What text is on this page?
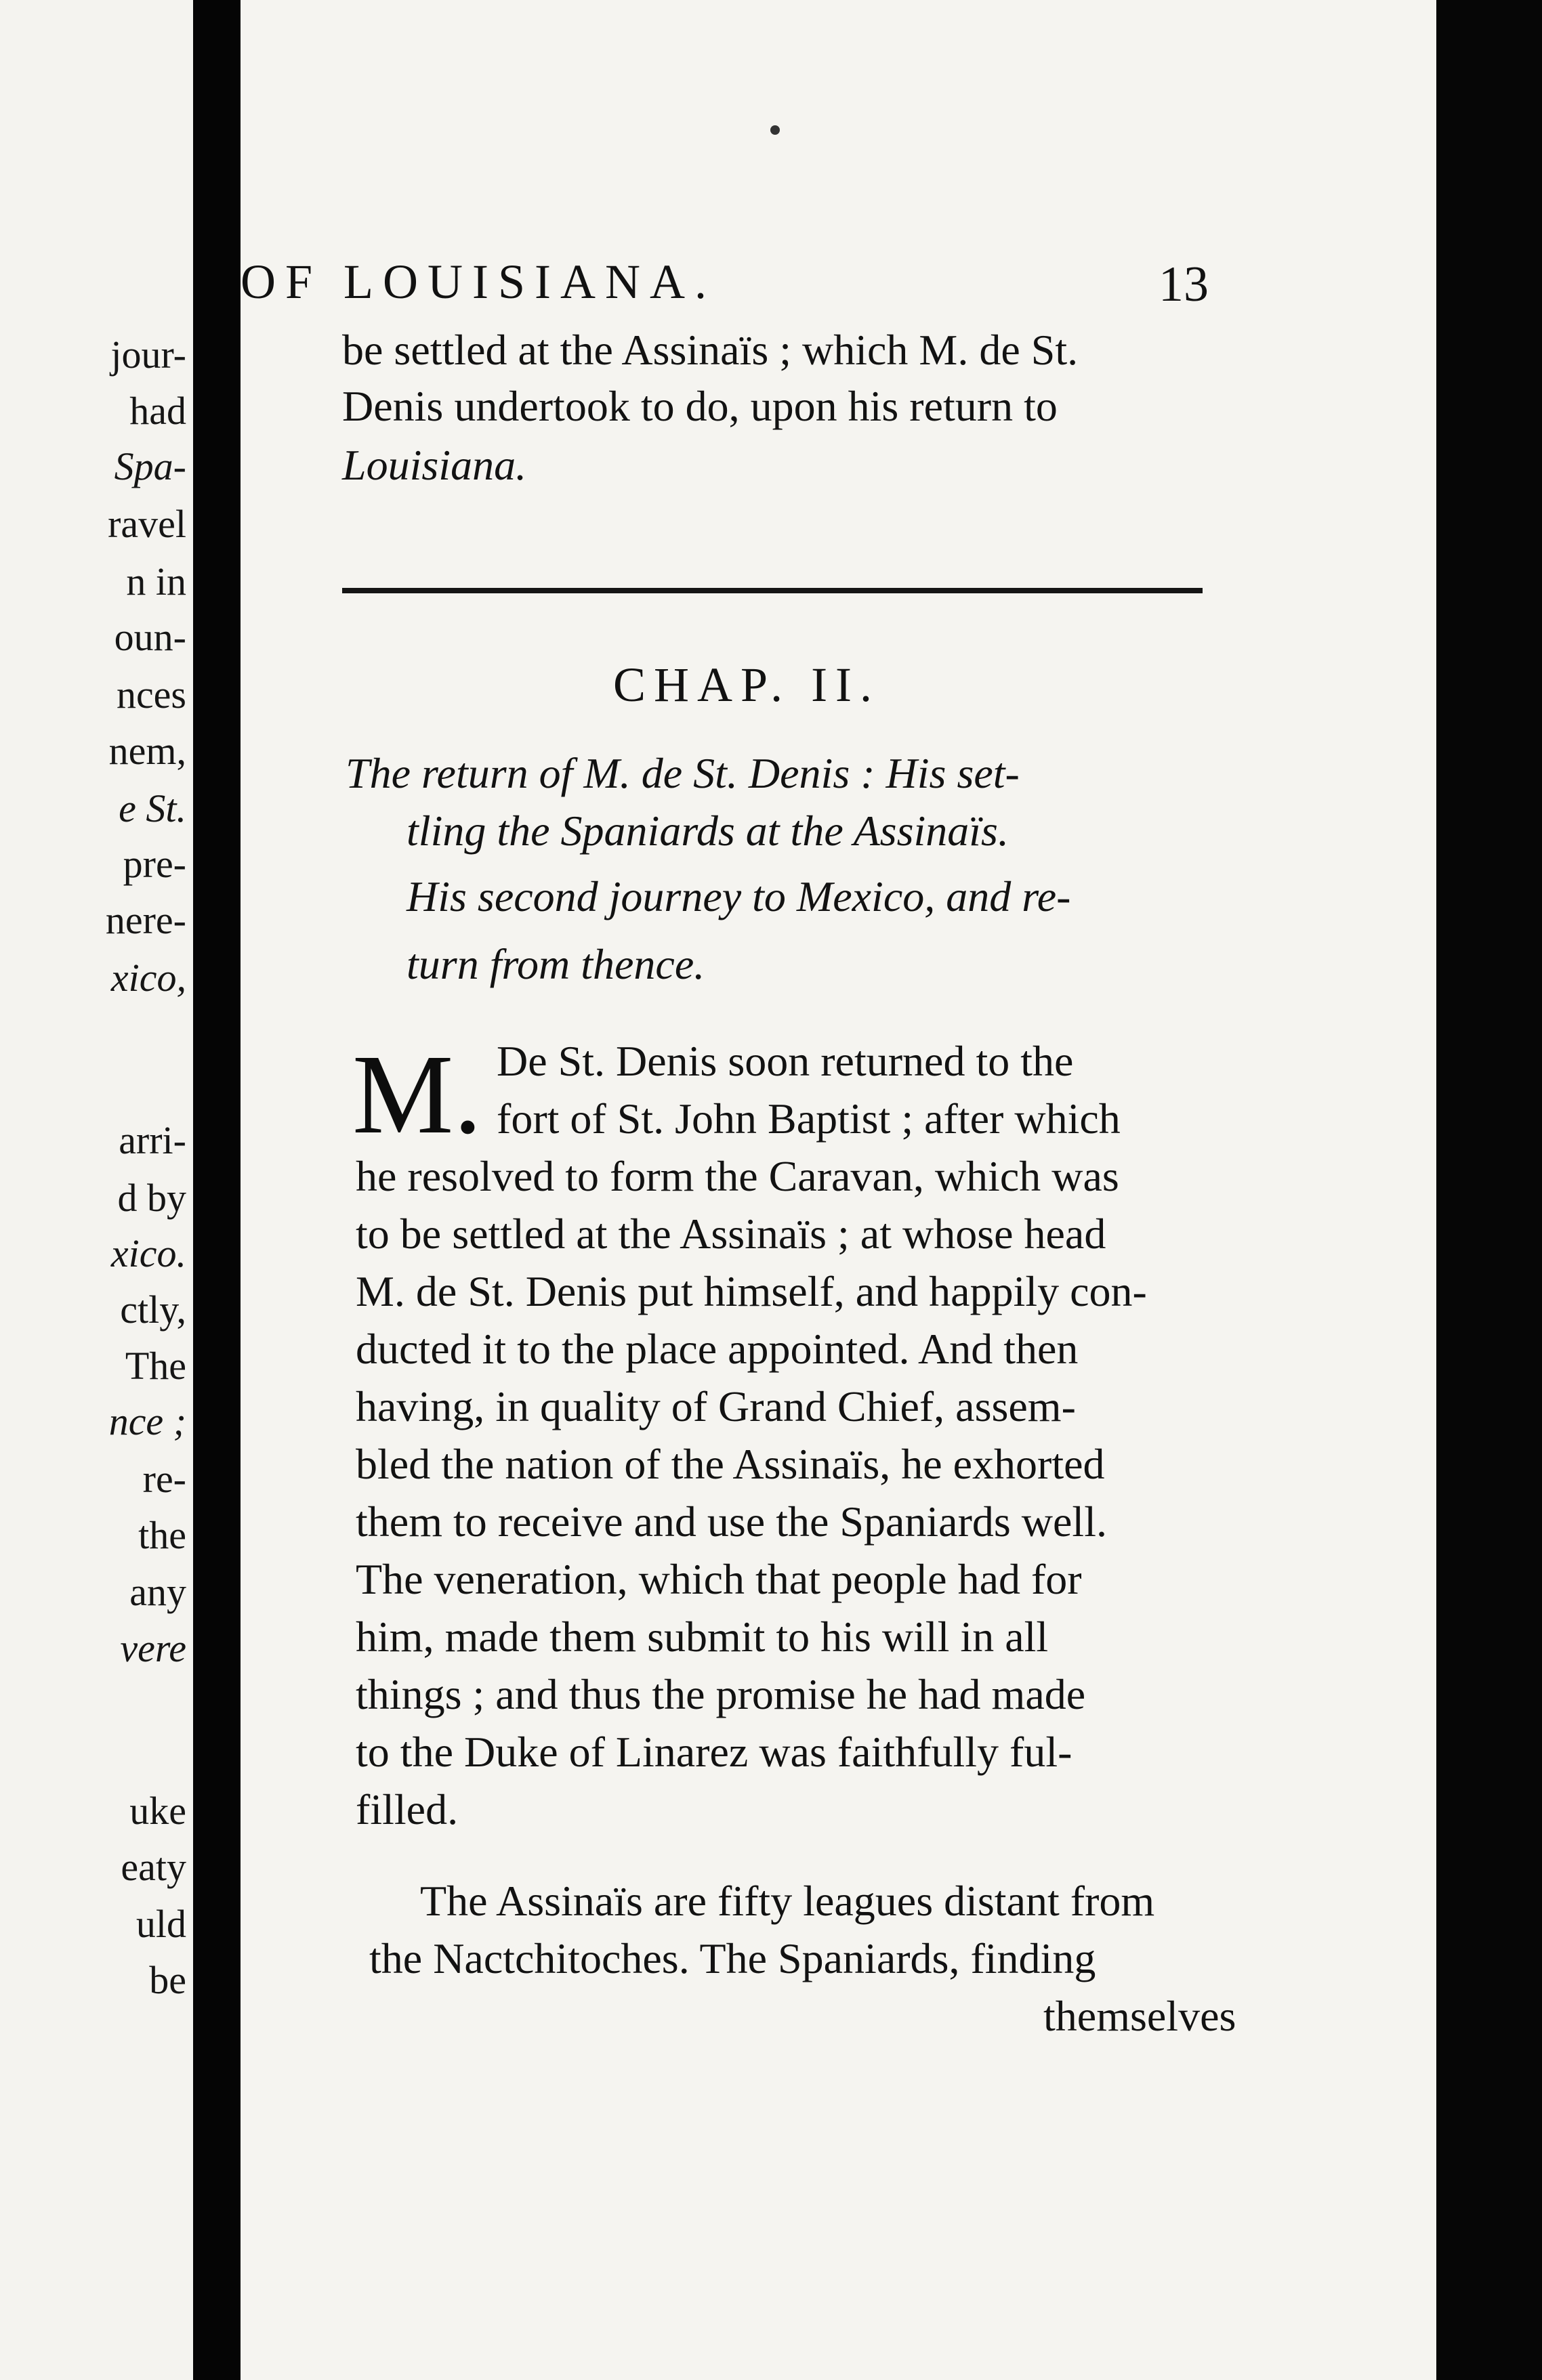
jour-
had
Spa-
ravel
n in
oun-
nces
nem,
e St.
pre-
nere-
xico,
arri-
d by
xico.
ctly,
The
nce ;
re-
the
any
vere
uke
eaty
uld
be
OF LOUISIANA.	13
be settled at the Assinaïs ; which M. de St.
Denis undertook to do, upon his return to
Louisiana.
CHAP. II.
The return of M. de St. Denis : His set-
tling the Spaniards at the Assinaïs.
His second journey to Mexico, and re-
turn from thence.
M. De St. Denis soon returned to the
fort of St. John Baptist ; after which
he resolved to form the Caravan, which was
to be settled at the Assinaïs ; at whose head
M. de St. Denis put himself, and happily con-
ducted it to the place appointed. And then
having, in quality of Grand Chief, assem-
bled the nation of the Assinaïs, he exhorted
them to receive and use the Spaniards well.
The veneration, which that people had for
him, made them submit to his will in all
things ; and thus the promise he had made
to the Duke of Linarez was faithfully ful-
filled.
The Assinaïs are fifty leagues distant from
the Nactchitoches. The Spaniards, finding
themselves
